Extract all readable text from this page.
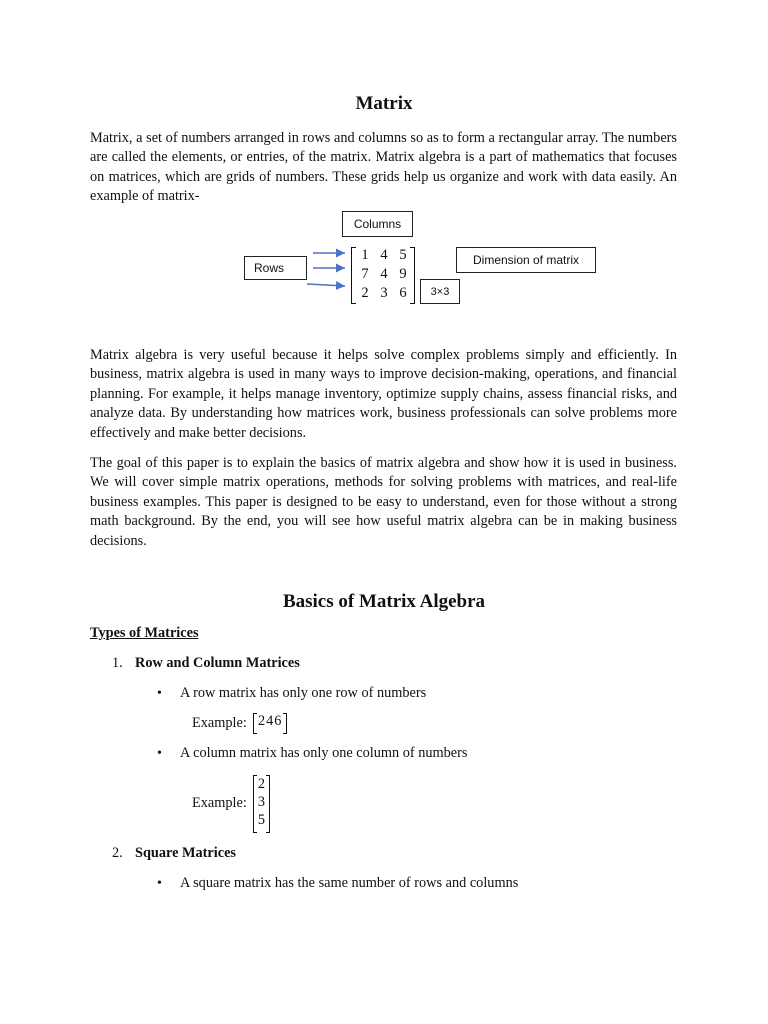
Matrix

Matrix, a set of numbers arranged in rows and columns so as to form a rectangular array. The numbers are called the elements, or entries, of the matrix. Matrix algebra is a part of mathematics that focuses on matrices, which are grids of numbers. These grids help us organize and work with data easily. An example of matrix-

Columns
Rows
1 4 5
7 4 9
2 3 6
Dimension of matrix
3×3

Matrix algebra is very useful because it helps solve complex problems simply and efficiently. In business, matrix algebra is used in many ways to improve decision-making, operations, and financial planning. For example, it helps manage inventory, optimize supply chains, assess financial risks, and analyze data. By understanding how matrices work, business professionals can solve problems more effectively and make better decisions.

The goal of this paper is to explain the basics of matrix algebra and show how it is used in business. We will cover simple matrix operations, methods for solving problems with matrices, and real-life business examples. This paper is designed to be easy to understand, even for those without a strong math background. By the end, you will see how useful matrix algebra can be in making business decisions.

Basics of Matrix Algebra
Types of Matrices
1. Row and Column Matrices
• A row matrix has only one row of numbers
Example: 246
• A column matrix has only one column of numbers
Example:
2
3
5
2. Square Matrices
• A square matrix has the same number of rows and columns
